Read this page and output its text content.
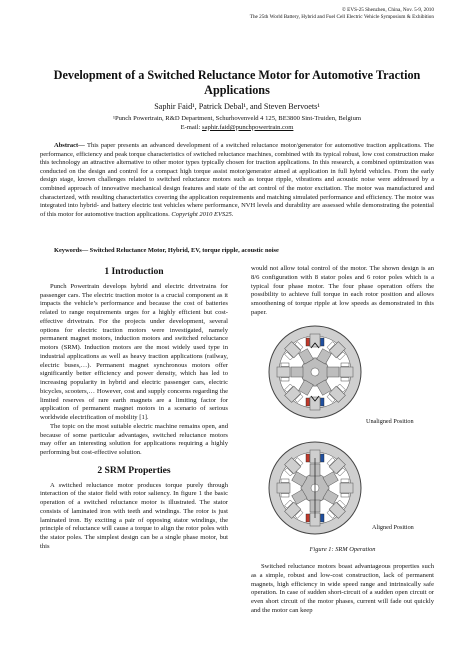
© EVS-25 Shenzhen, China, Nov. 5-9, 2010
The 25th World Battery, Hybrid and Fuel Cell Electric Vehicle Symposium & Exhibition
Development of a Switched Reluctance Motor for Automotive Traction Applications
Saphir Faid¹, Patrick Debal¹, and Steven Bervoets¹
¹Punch Powertrain, R&D Department, Schurhovenveld 4 125, BE3800 Sint-Truiden, Belgium
E-mail: saphir.faid@punchpowertrain.com
Abstract— This paper presents an advanced development of a switched reluctance motor/generator for automotive traction applications. The performance, efficiency and peak torque characteristics of switched reluctance machines, combined with its typical robust, low cost construction make this technology an attractive alternative to other motor types typically chosen for traction applications. In this research, a combined optimization was conducted on the design and control for a compact high torque assist motor/generator aimed at application in full hybrid vehicles. From the early design stage, known challenges related to switched reluctance motors such as torque ripple, vibrations and acoustic noise were addressed by a combined approach of innovative mechanical design features and state of the art control of the motor excitation. The motor was manufactured and characterized, with resulting characteristics covering the application requirements and matching simulated performance and efficiency. The motor was integrated into hybrid- and battery electric test vehicles where performance, NVH levels and durability are assessed while demonstrating the potential of this motor for automotive traction applications. Copyright 2010 EVS25.
Keywords— Switched Reluctance Motor, Hybrid, EV, torque ripple, acoustic noise
1 Introduction

Punch Powertrain develops hybrid and electric drivetrains for passenger cars. The electric traction motor is a crucial component as it impacts the vehicle’s performance and because the cost of batteries related to range requirements urges for a highly efficient but cost-effective drivetrain. For the projects under development, several options for electric traction motors were investigated, namely permanent magnet motors, induction motors and switched reluctance motors (SRM). Induction motors are the most widely used type in industrial applications as well as heavy traction applications (railway, electric buses,…). Permanent magnet synchronous motors offer significantly better efficiency and power density, which has led to increasing popularity in hybrid and electric passenger cars, electric bicycles, scooters,… However, cost and supply concerns regarding the limited reserves of rare earth magnets are a limiting factor for application of permanent magnet motors in a scenario of serious worldwide electrification of mobility [1].

The topic on the most suitable electric machine remains open, and because of some particular advantages, switched reluctance motors may offer an interesting solution for applications requiring a highly performing but cost-effective solution.

2 SRM Properties

A switched reluctance motor produces torque purely through interaction of the stator field with rotor saliency. In figure 1 the basic operation of a switched reluctance motor is illustrated. The stator consists of laminated iron with teeth and windings. The rotor is just laminated iron. By exciting a pair of opposing stator windings, the principle of reluctance will cause a torque to align the rotor poles with the stator poles. The simplest design can be a single phase motor, but this

would not allow total control of the motor. The shown design is an 8/6 configuration with 8 stator poles and 6 rotor poles which is a typical four phase motor. The four phase operation offers the possibility to achieve full torque in each rotor position and allows smoothening of torque ripple at low speeds as demonstrated in this paper.

Unaligned Position
Aligned Position
Figure 1: SRM Operation

Switched reluctance motors boast advantageous properties such as a simple, robust and low-cost construction, lack of permanent magnets, high efficiency in wide speed range and intrinsically safe operation. In case of sudden short-circuit of a sudden open circuit or even short circuit of the motor phases, current will fade out quickly and the motor can keep
